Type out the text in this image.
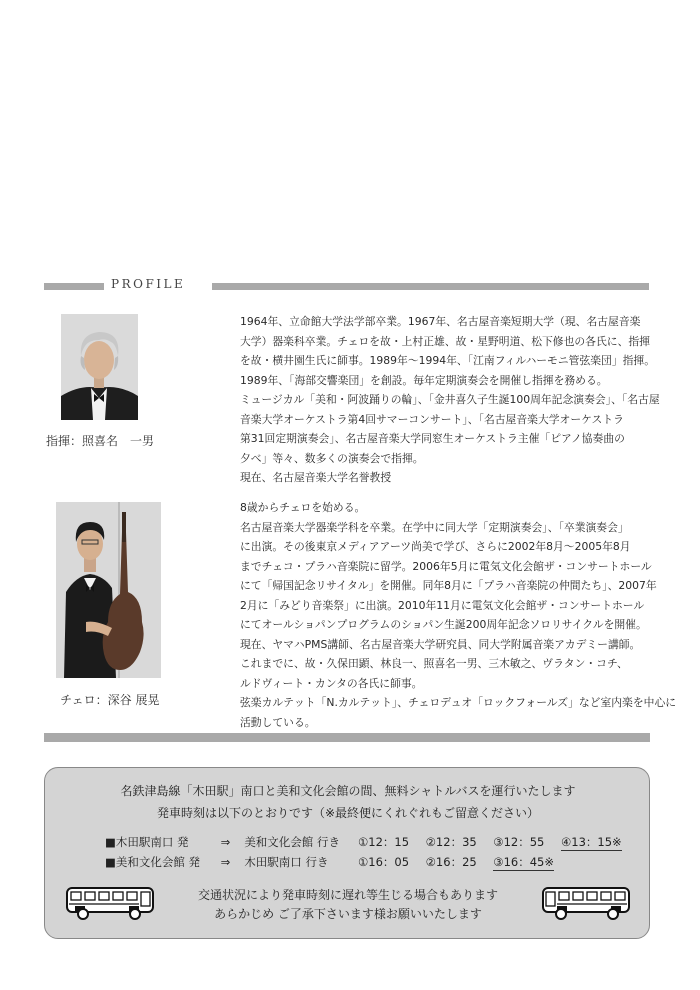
PROFILE
指揮：照喜名　一男

1964年、立命館大学法学部卒業。1967年、名古屋音楽短期大学（現、名古屋音楽

大学）器楽科卒業。チェロを故・上村正雄、故・星野明道、松下修也の各氏に、指揮

を故・横井園生氏に師事。1989年～1994年、「江南フィルハーモニ管弦楽団」指揮。

1989年、「海部交響楽団」を創設。毎年定期演奏会を開催し指揮を務める。

ミュージカル「美和・阿波踊りの輪」、「金井喜久子生誕100周年記念演奏会」、「名古屋

音楽大学オーケストラ第4回サマーコンサート」、「名古屋音楽大学オーケストラ

第31回定期演奏会」、名古屋音楽大学同窓生オーケストラ主催「ピアノ協奏曲の

夕べ」等々、数多くの演奏会で指揮。

現在、名古屋音楽大学名誉教授

チェロ：深谷 展晃

8歳からチェロを始める。

名古屋音楽大学器楽学科を卒業。在学中に同大学「定期演奏会」、「卒業演奏会」

に出演。その後東京メディアアーツ尚美で学び、さらに2002年8月～2005年8月

までチェコ・プラハ音楽院に留学。2006年5月に電気文化会館ザ・コンサートホール

にて「帰国記念リサイタル」を開催。同年8月に「プラハ音楽院の仲間たち」、2007年

2月に「みどり音楽祭」に出演。2010年11月に電気文化会館ザ・コンサートホール

にてオールショパンプログラムのショパン生誕200周年記念ソロリサイクルを開催。

現在、ヤマハPMS講師、名古屋音楽大学研究員、同大学附属音楽アカデミー講師。

これまでに、故・久保田顕、林良一、照喜名一男、三木敏之、ヴラタン・コチ、

ルドヴィート・カンタの各氏に師事。

弦楽カルテット「N.カルテット」、チェロデュオ「ロックフォールズ」など室内楽を中心に

活動している。

名鉄津島線「木田駅」南口と美和文化会館の間、無料シャトルバスを運行いたします
発車時刻は以下のとおりです（※最終便にくれぐれもご留意ください）
■木田駅南口 発	⇒ 美和文化会館 行き ①12：15 ②12：35 ③12：55 ④13：15※
■美和文化会館 発 ⇒ 木田駅南口 行き	①16：05 ②16：25 ③16：45※
交通状況により発車時刻に遅れ等生じる場合もあります
あらかじめ ご了承下さいます様お願いいたします
